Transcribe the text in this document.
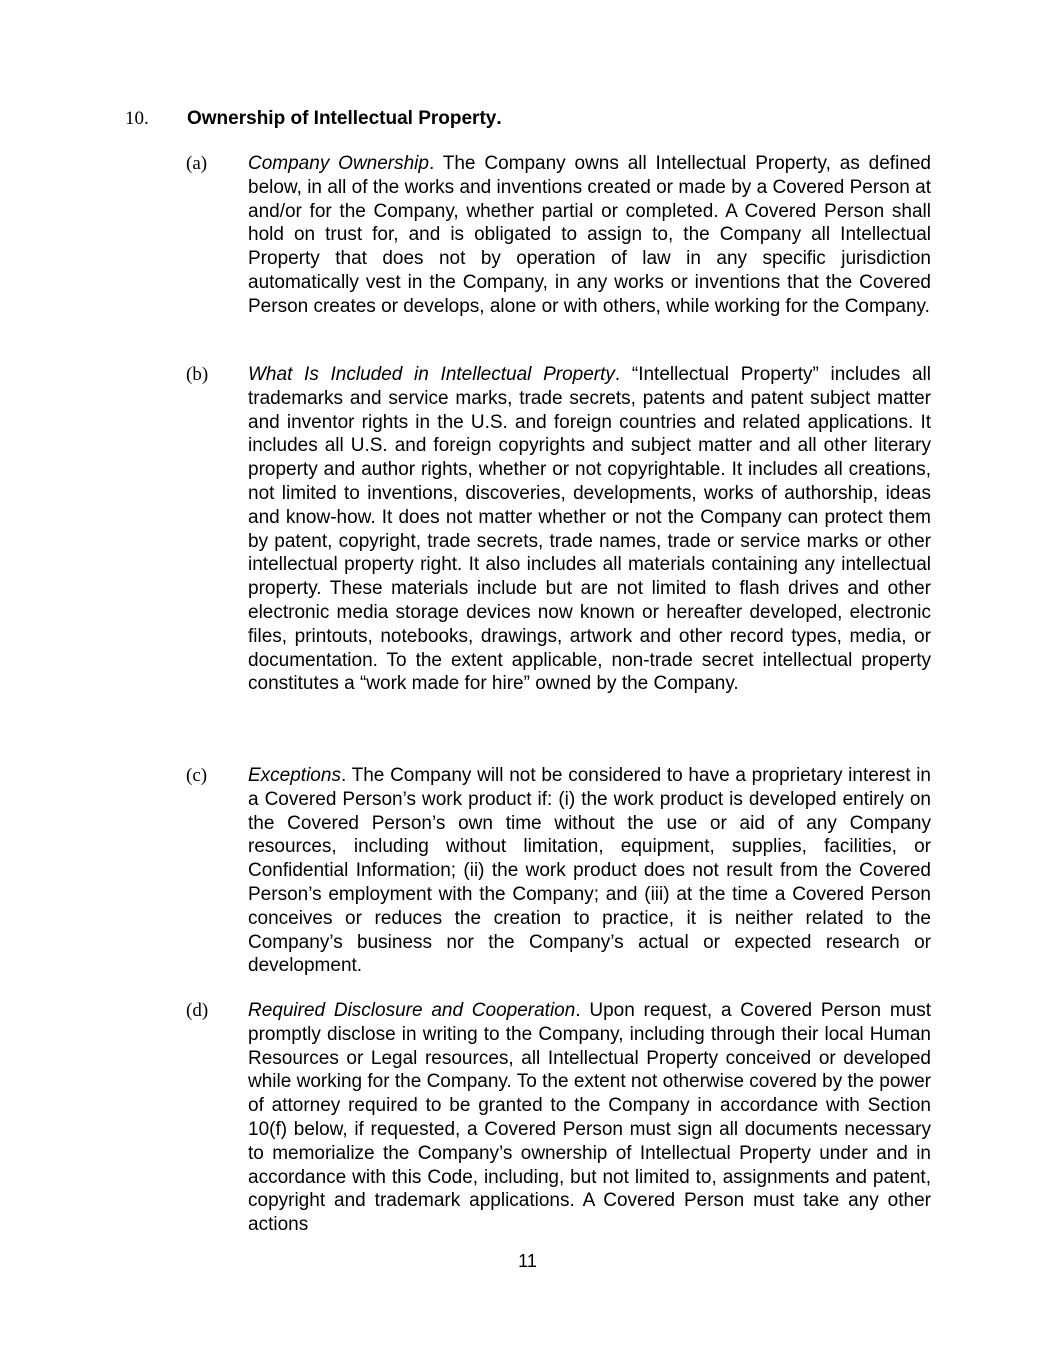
10. Ownership of Intellectual Property.
(a) Company Ownership. The Company owns all Intellectual Property, as defined below, in all of the works and inventions created or made by a Covered Person at and/or for the Company, whether partial or completed. A Covered Person shall hold on trust for, and is obligated to assign to, the Company all Intellectual Property that does not by operation of law in any specific jurisdiction automatically vest in the Company, in any works or inventions that the Covered Person creates or develops, alone or with others, while working for the Company.
(b) What Is Included in Intellectual Property. “Intellectual Property” includes all trademarks and service marks, trade secrets, patents and patent subject matter and inventor rights in the U.S. and foreign countries and related applications. It includes all U.S. and foreign copyrights and subject matter and all other literary property and author rights, whether or not copyrightable. It includes all creations, not limited to inventions, discoveries, developments, works of authorship, ideas and know-how. It does not matter whether or not the Company can protect them by patent, copyright, trade secrets, trade names, trade or service marks or other intellectual property right. It also includes all materials containing any intellectual property. These materials include but are not limited to flash drives and other electronic media storage devices now known or hereafter developed, electronic files, printouts, notebooks, drawings, artwork and other record types, media, or documentation. To the extent applicable, non-trade secret intellectual property constitutes a “work made for hire” owned by the Company.
(c) Exceptions. The Company will not be considered to have a proprietary interest in a Covered Person’s work product if: (i) the work product is developed entirely on the Covered Person’s own time without the use or aid of any Company resources, including without limitation, equipment, supplies, facilities, or Confidential Information; (ii) the work product does not result from the Covered Person’s employment with the Company; and (iii) at the time a Covered Person conceives or reduces the creation to practice, it is neither related to the Company’s business nor the Company’s actual or expected research or development.
(d) Required Disclosure and Cooperation. Upon request, a Covered Person must promptly disclose in writing to the Company, including through their local Human Resources or Legal resources, all Intellectual Property conceived or developed while working for the Company. To the extent not otherwise covered by the power of attorney required to be granted to the Company in accordance with Section 10(f) below, if requested, a Covered Person must sign all documents necessary to memorialize the Company’s ownership of Intellectual Property under and in accordance with this Code, including, but not limited to, assignments and patent, copyright and trademark applications. A Covered Person must take any other actions
11
